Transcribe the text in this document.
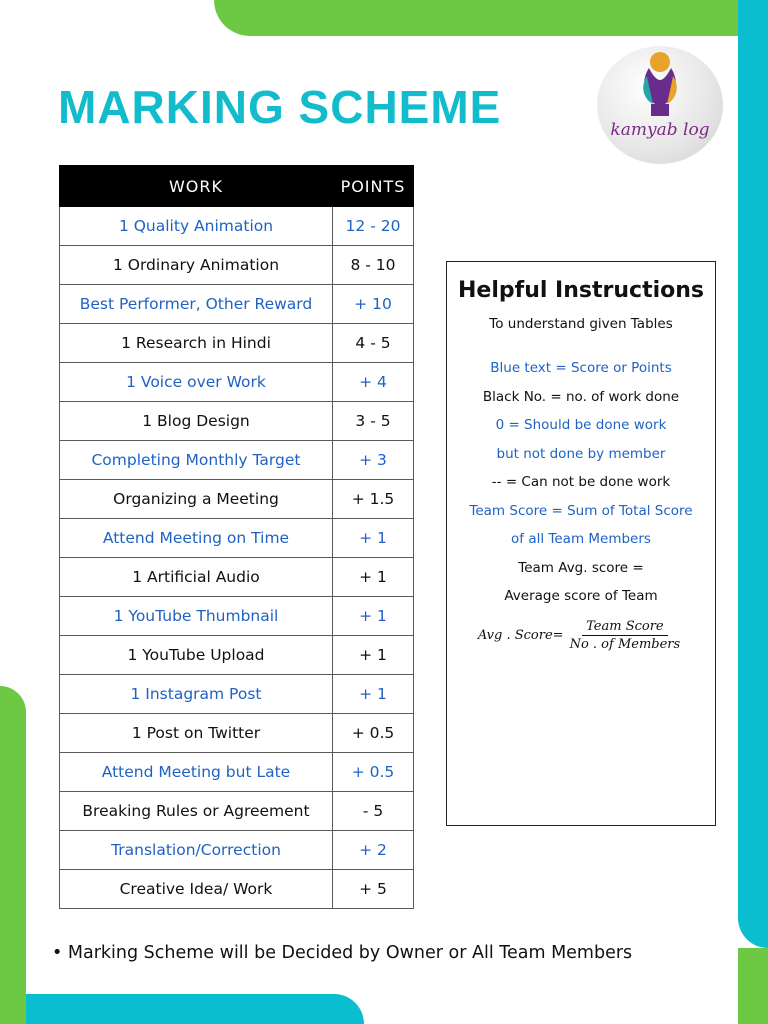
MARKING SCHEME	kamyab log
WORK	POINTS
1 Quality Animation	12 - 20
1 Ordinary Animation	8 - 10
Best Performer, Other Reward	+ 10
1 Research in Hindi	4 - 5
1 Voice over Work	+ 4
1 Blog Design	3 - 5
Completing Monthly Target	+ 3
Organizing a Meeting	+ 1.5
Attend Meeting on Time	+ 1
1 Artificial Audio	+ 1
1 YouTube Thumbnail	+ 1
1 YouTube Upload	+ 1
1 Instagram Post	+ 1
1 Post on Twitter	+ 0.5
Attend Meeting but Late	+ 0.5
Breaking Rules or Agreement	- 5
Translation/Correction	+ 2
Creative Idea/ Work	+ 5
Helpful Instructions
To understand given Tables
Blue text = Score or Points
Black No. = no. of work done
0 = Should be done work
but not done by member
-- = Can not be done work
Team Score = Sum of Total Score
of all Team Members
Team Avg. score =
Average score of Team
Avg . Score = $\frac{\text{Team Score}}{\text{No . of Members}}$
• Marking Scheme will be Decided by Owner or All Team Members
